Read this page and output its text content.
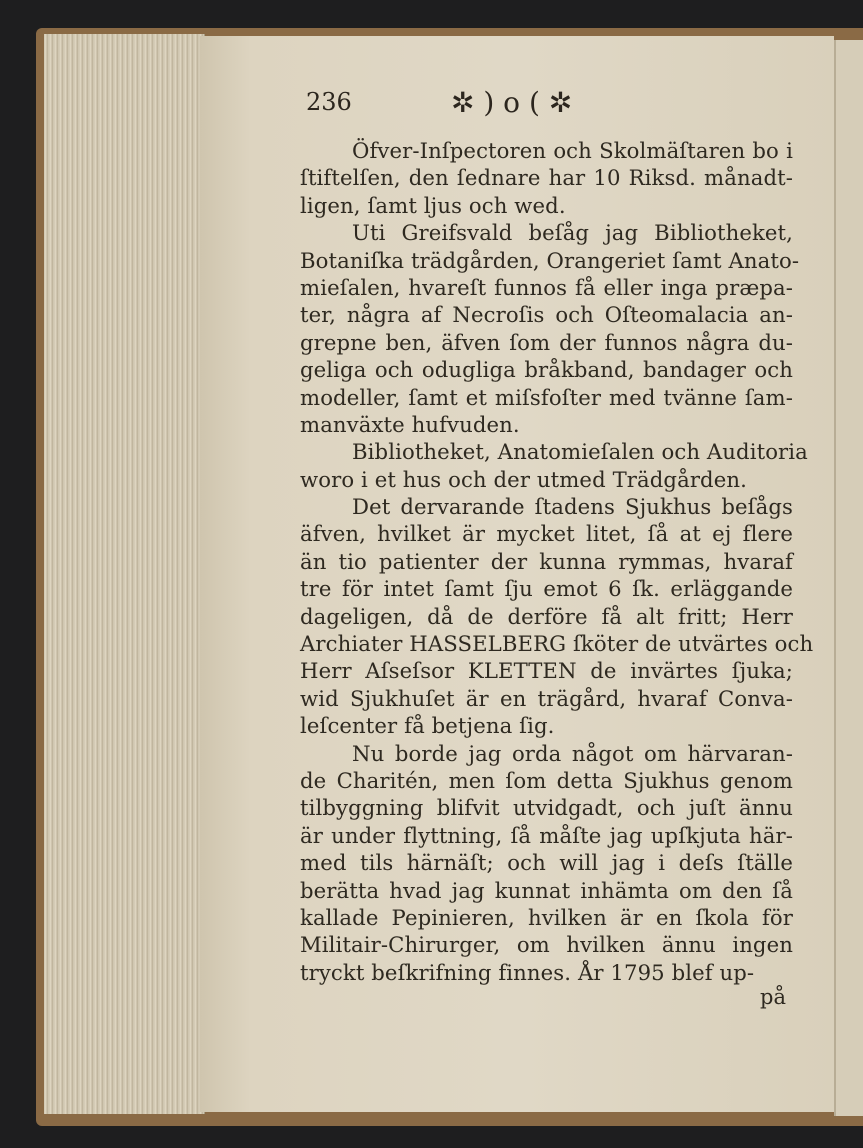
236	✲ ) o ( ✲
Öfver-Inſpectoren och Skolmäſtaren bo i
ſtiftelſen, den ſednare har 10 Riksd. månadt-
ligen, ſamt ljus och wed.
Uti Greifsvald beſåg jag Bibliotheket,
Botaniſka trädgården, Orangeriet ſamt Anato-
mieſalen, hvareſt funnos få eller inga præpa-
ter, några af Necroſis och Oſteomalacia an-
grepne ben, äfven ſom der funnos några du-
geliga och odugliga bråkband, bandager och
modeller, ſamt et miſsfoſter med tvänne ſam-
manväxte hufvuden.
Bibliotheket, Anatomieſalen och Auditoria
woro i et hus och der utmed Trädgården.
Det dervarande ſtadens Sjukhus beſågs
äfven, hvilket är mycket litet, ſå at ej flere
än tio patienter der kunna rymmas, hvaraf
tre för intet ſamt ſju emot 6 ſk. erläggande
dageligen, då de derföre få alt fritt; Herr
Archiater HASSELBERG ſköter de utvärtes och
Herr Aſseſsor KLETTEN de invärtes ſjuka;
wid Sjukhuſet är en trägård, hvaraf Conva-
leſcenter få betjena ſig.
Nu borde jag orda något om härvaran-
de Charitén, men ſom detta Sjukhus genom
tilbyggning blifvit utvidgadt, och juſt ännu
är under flyttning, ſå måſte jag upſkjuta här-
med tils härnäſt; och will jag i deſs ſtälle
berätta hvad jag kunnat inhämta om den ſå
kallade Pepinieren, hvilken är en ſkola för
Militair-Chirurger, om hvilken ännu ingen
tryckt beſkrifning finnes. År 1795 blef up-
på
